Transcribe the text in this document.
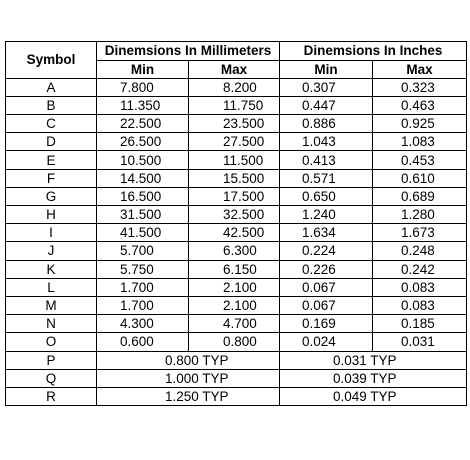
Symbol	Dinemsions In Millimeters		Dinemsions In Inches	
	Min	Max	Min	Max
A	7.800	8.200	0.307	0.323
B	11.350	11.750	0.447	0.463
C	22.500	23.500	0.886	0.925
D	26.500	27.500	1.043	1.083
E	10.500	11.500	0.413	0.453
F	14.500	15.500	0.571	0.610
G	16.500	17.500	0.650	0.689
H	31.500	32.500	1.240	1.280
I	41.500	42.500	1.634	1.673
J	5.700	6.300	0.224	0.248
K	5.750	6.150	0.226	0.242
L	1.700	2.100	0.067	0.083
M	1.700	2.100	0.067	0.083
N	4.300	4.700	0.169	0.185
O	0.600	0.800	0.024	0.031
P	0.800 TYP		0.031 TYP	
Q	1.000 TYP		0.039 TYP	
R	1.250 TYP		0.049 TYP	
